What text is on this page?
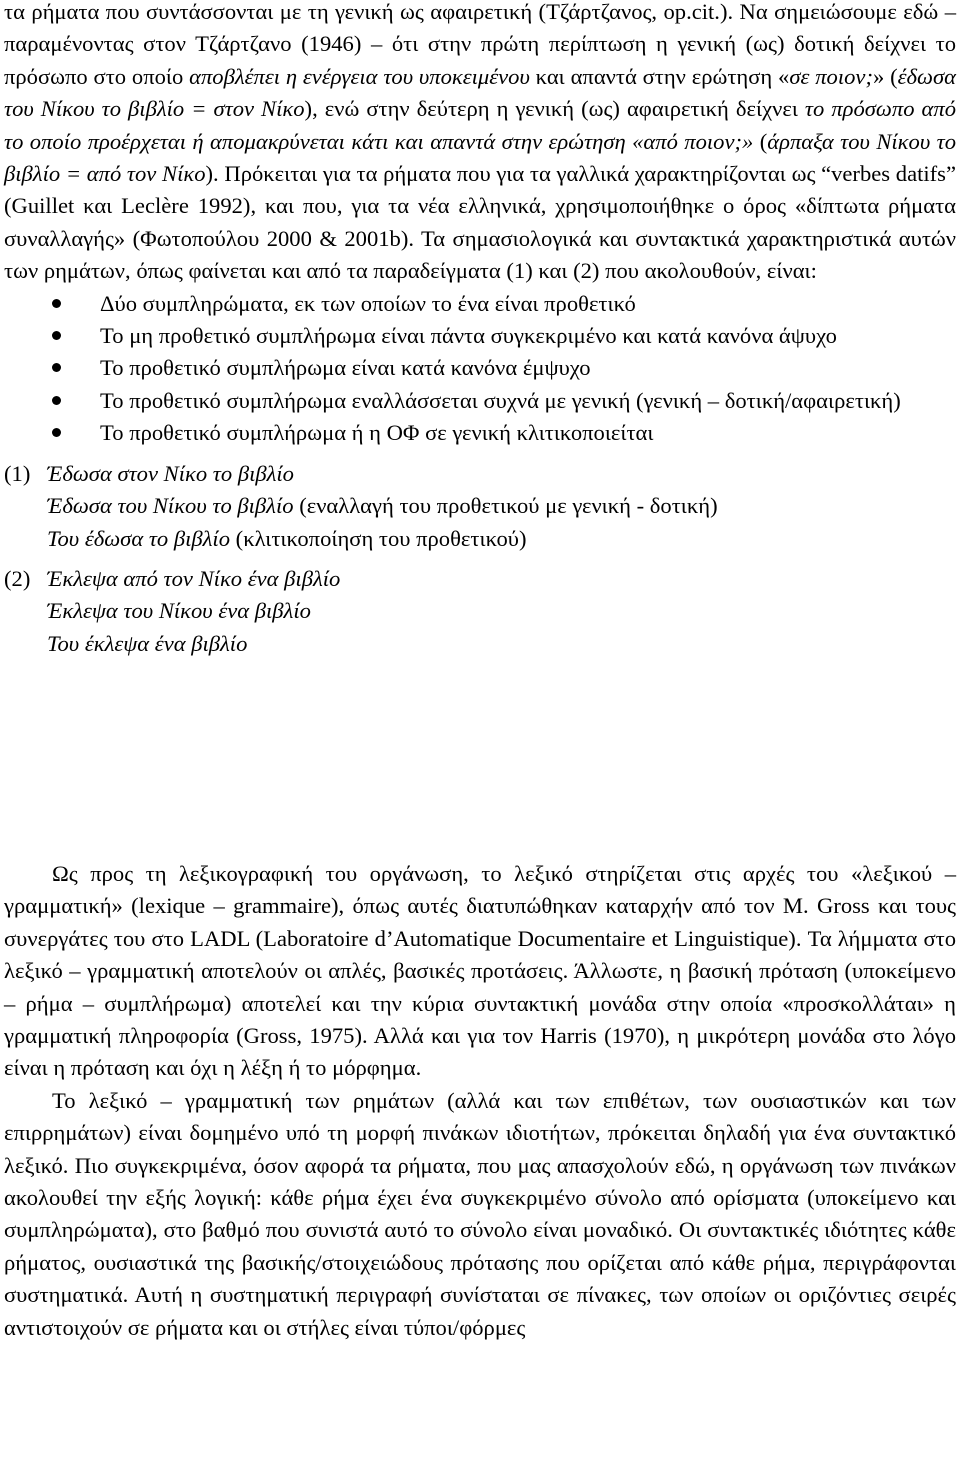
τα ρήματα που συντάσσονται με τη γενική ως αφαιρετική (Τζάρτζανος, op.cit.). Να σημειώσουμε εδώ – παραμένοντας στον Τζάρτζανο (1946) – ότι στην πρώτη περίπτωση η γενική (ως) δοτική δείχνει το πρόσωπο στο οποίο αποβλέπει η ενέργεια του υποκειμένου και απαντά στην ερώτηση «σε ποιον;» (έδωσα του Νίκου το βιβλίο = στον Νίκο), ενώ στην δεύτερη η γενική (ως) αφαιρετική δείχνει το πρόσωπο από το οποίο προέρχεται ή απομακρύνεται κάτι και απαντά στην ερώτηση «από ποιον;» (άρπαξα του Νίκου το βιβλίο = από τον Νίκο). Πρόκειται για τα ρήματα που για τα γαλλικά χαρακτηρίζονται ως “verbes datifs” (Guillet και Leclère 1992), και που, για τα νέα ελληνικά, χρησιμοποιήθηκε ο όρος «δίπτωτα ρήματα συναλλαγής» (Φωτοπούλου 2000 & 2001b). Τα σημασιολογικά και συντακτικά χαρακτηριστικά αυτών των ρημάτων, όπως φαίνεται και από τα παραδείγματα (1) και (2) που ακολουθούν, είναι:

Δύο συμπληρώματα, εκ των οποίων το ένα είναι προθετικό
Το μη προθετικό συμπλήρωμα είναι πάντα συγκεκριμένο και κατά κανόνα άψυχο
Το προθετικό συμπλήρωμα είναι κατά κανόνα έμψυχο
Το προθετικό συμπλήρωμα εναλλάσσεται συχνά με γενική (γενική – δοτική/αφαιρετική)
Το προθετικό συμπλήρωμα ή η ΟΦ σε γενική κλιτικοποιείται
(1) Έδωσα στον Νίκο το βιβλίο
Έδωσα του Νίκου το βιβλίο (εναλλαγή του προθετικού με γενική - δοτική)
Του έδωσα το βιβλίο (κλιτικοποίηση του προθετικού)
(2) Έκλεψα από τον Νίκο ένα βιβλίο
Έκλεψα του Νίκου ένα βιβλίο
Του έκλεψα ένα βιβλίο

Ως προς τη λεξικογραφική του οργάνωση, το λεξικό στηρίζεται στις αρχές του «λεξικού – γραμματική» (lexique – grammaire), όπως αυτές διατυπώθηκαν καταρχήν από τον M. Gross και τους συνεργάτες του στο LADL (Laboratoire d’Automatique Documentaire et Linguistique). Τα λήμματα στο λεξικό – γραμματική αποτελούν οι απλές, βασικές προτάσεις. Άλλωστε, η βασική πρόταση (υποκείμενο – ρήμα – συμπλήρωμα) αποτελεί και την κύρια συντακτική μονάδα στην οποία «προσκολλάται» η γραμματική πληροφορία (Gross, 1975). Αλλά και για τον Harris (1970), η μικρότερη μονάδα στο λόγο είναι η πρόταση και όχι η λέξη ή το μόρφημα.

Το λεξικό – γραμματική των ρημάτων (αλλά και των επιθέτων, των ουσιαστικών και των επιρρημάτων) είναι δομημένο υπό τη μορφή πινάκων ιδιοτήτων, πρόκειται δηλαδή για ένα συντακτικό λεξικό. Πιο συγκεκριμένα, όσον αφορά τα ρήματα, που μας απασχολούν εδώ, η οργάνωση των πινάκων ακολουθεί την εξής λογική: κάθε ρήμα έχει ένα συγκεκριμένο σύνολο από ορίσματα (υποκείμενο και συμπληρώματα), στο βαθμό που συνιστά αυτό το σύνολο είναι μοναδικό. Οι συντακτικές ιδιότητες κάθε ρήματος, ουσιαστικά της βασικής/στοιχειώδους πρότασης που ορίζεται από κάθε ρήμα, περιγράφονται συστηματικά. Αυτή η συστηματική περιγραφή συνίσταται σε πίνακες, των οποίων οι οριζόντιες σειρές αντιστοιχούν σε ρήματα και οι στήλες είναι τύποι/φόρμες
